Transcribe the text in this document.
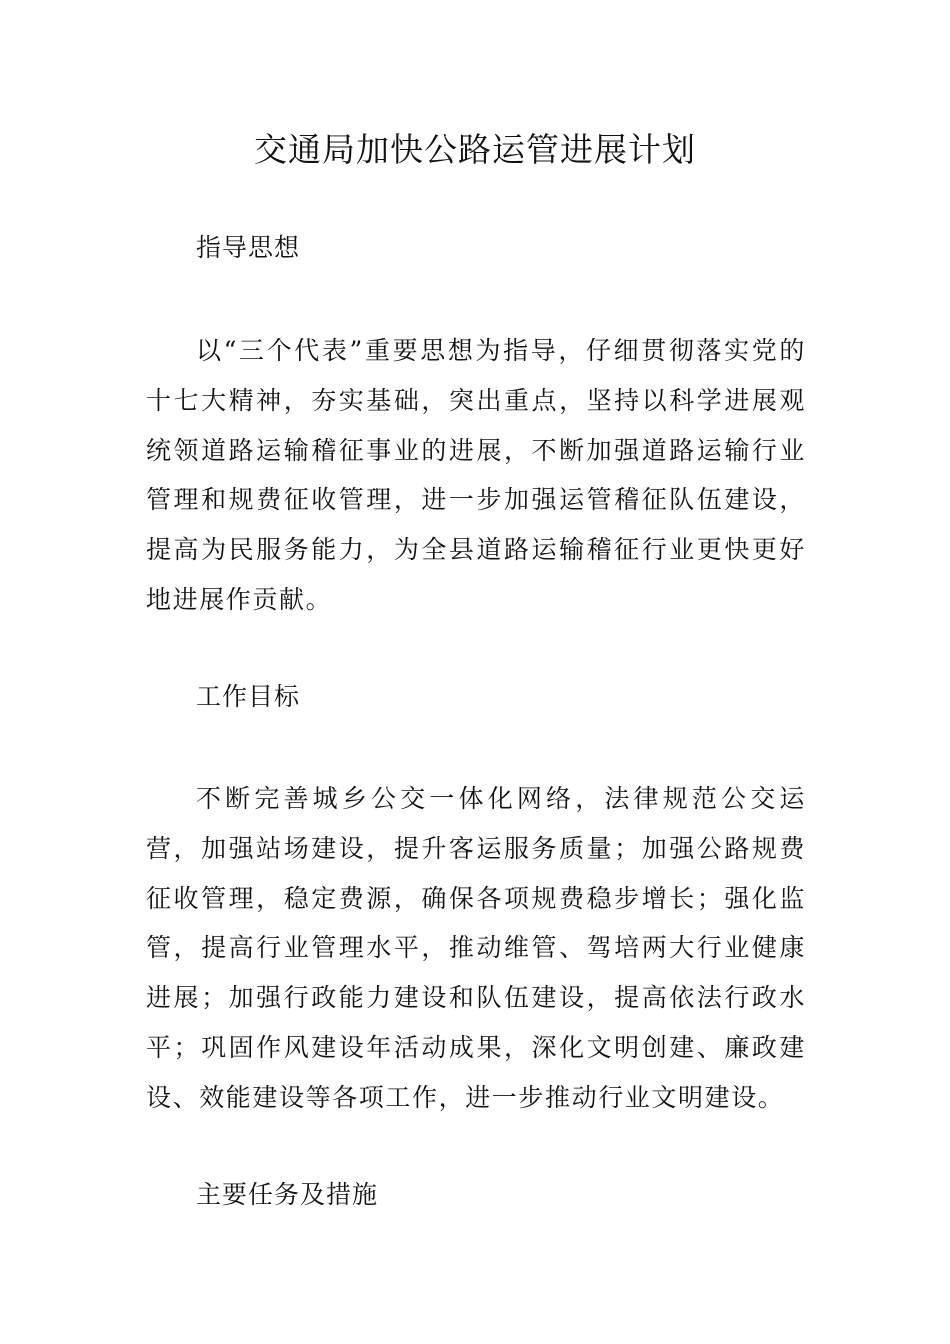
交通局加快公路运管进展计划
指导思想
以“三个代表”重要思想为指导，仔细贯彻落实党的十七大精神，夯实基础，突出重点，坚持以科学进展观统领道路运输稽征事业的进展，不断加强道路运输行业管理和规费征收管理，进一步加强运管稽征队伍建设，提高为民服务能力，为全县道路运输稽征行业更快更好地进展作贡献。
工作目标
不断完善城乡公交一体化网络，法律规范公交运营，加强站场建设，提升客运服务质量；加强公路规费征收管理，稳定费源，确保各项规费稳步增长；强化监管，提高行业管理水平，推动维管、驾培两大行业健康进展；加强行政能力建设和队伍建设，提高依法行政水平；巩固作风建设年活动成果，深化文明创建、廉政建设、效能建设等各项工作，进一步推动行业文明建设。
主要任务及措施
